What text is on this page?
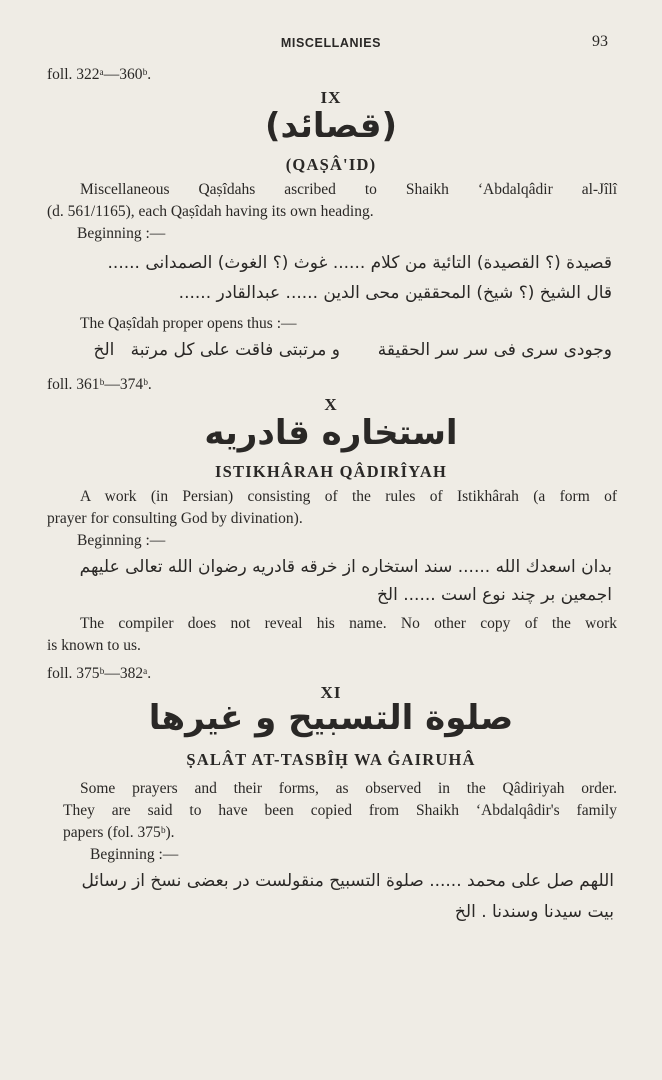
MISCELLANIES	93
foll. 322ᵃ—360ᵇ.
IX
(قصائد)
(QAṢÂ'ID)
Miscellaneous Qaṣîdahs ascribed to Shaikh ʻAbdalqâdir al-Jîlî
(d. 561/1165), each Qaṣîdah having its own heading.
Beginning :—
قصيدة (؟ القصيدة) التائية من كلام ...... غوث (؟ الغوث) الصمدانى ......
قال الشيخ (؟ شيخ) المحققين محى الدين ...... عبدالقادر ......
The Qaṣîdah proper opens thus :—
وجودى سرى فى سر سر الحقيقة       و مرتبتى فاقت على كل مرتبة   الخ
foll. 361ᵇ—374ᵇ.
X
استخاره قادريه
ISTIKHÂRAH QÂDIRÎYAH
A work (in Persian) consisting of the rules of Istikhârah (a form of
prayer for consulting God by divination).
Beginning :—
بدان اسعدك الله ...... سند استخاره از خرقه قادريه رضوان الله تعالى عليهم
اجمعين بر چند نوع است ...... الخ
The compiler does not reveal his name. No other copy of the work
is known to us.
foll. 375ᵇ—382ᵃ.
XI
صلوة التسبيح و غيرها
ṢALÂT AT-TASBÎḤ WA ĠAIRUHÂ
Some prayers and their forms, as observed in the Qâdiriyah order.
They are said to have been copied from Shaikh ʻAbdalqâdir's family
papers (fol. 375ᵇ).
Beginning :—
اللهم صل على محمد ...... صلوة التسبيح منقولست در بعضى نسخ از رسائل
بيت سيدنا وسندنا . الخ
